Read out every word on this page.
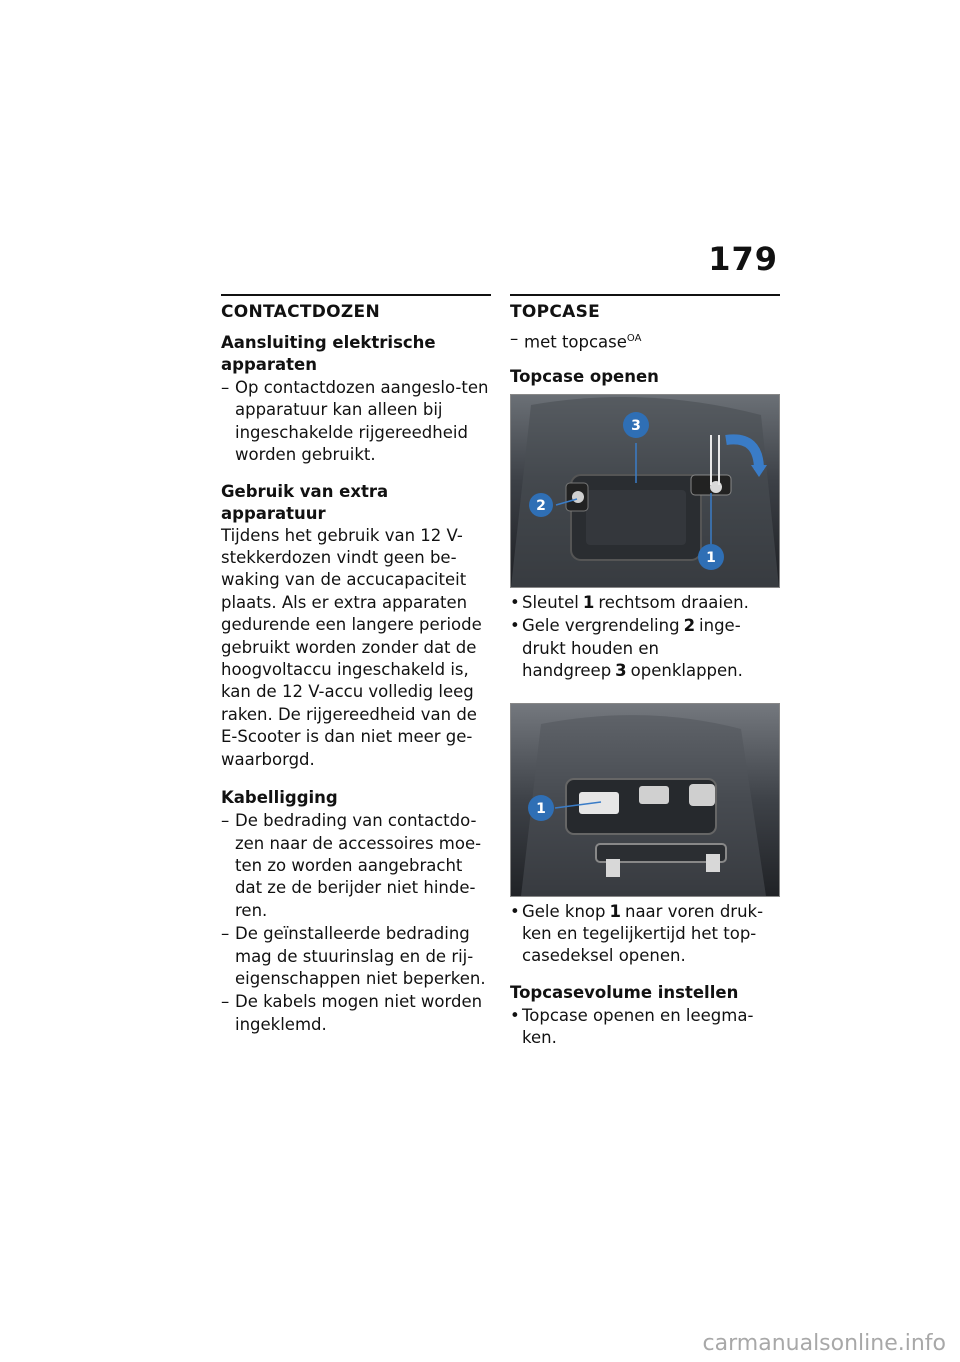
179
CONTACTDOZEN
Aansluiting elektrische apparaten
– Op contactdozen aangeslo-ten apparatuur kan alleen bij ingeschakelde rijgereedheid worden gebruikt.
Gebruik van extra apparatuur

Tijdens het gebruik van 12 V-stekkerdozen vindt geen be-waking van de accucapaciteit plaats. Als er extra apparaten gedurende een langere periode gebruikt worden zonder dat de hoogvoltaccu ingeschakeld is, kan de 12 V-accu volledig leeg raken. De rijgereedheid van de E-Scooter is dan niet meer ge-waarborgd.

Kabelligging
– De bedrading van contactdo-zen naar de accessoires moe-ten zo worden aangebracht dat ze de berijder niet hinde-ren.
– De geïnstalleerde bedrading mag de stuurinslag en de rij-eigenschappen niet beperken.
– De kabels mogen niet worden ingeklemd.
TOPCASE
– met topcase$^{OA}$
Topcase openen
2
3
1
• Sleutel 1 rechtsom draaien.
• Gele vergrendeling 2 inge-drukt houden en handgreep 3 openklappen.
1
• Gele knop 1 naar voren druk-ken en tegelijkertijd het top-casedeksel openen.
Topcasevolume instellen
• Topcase openen en leegma-ken.
carmanualsonline.info
